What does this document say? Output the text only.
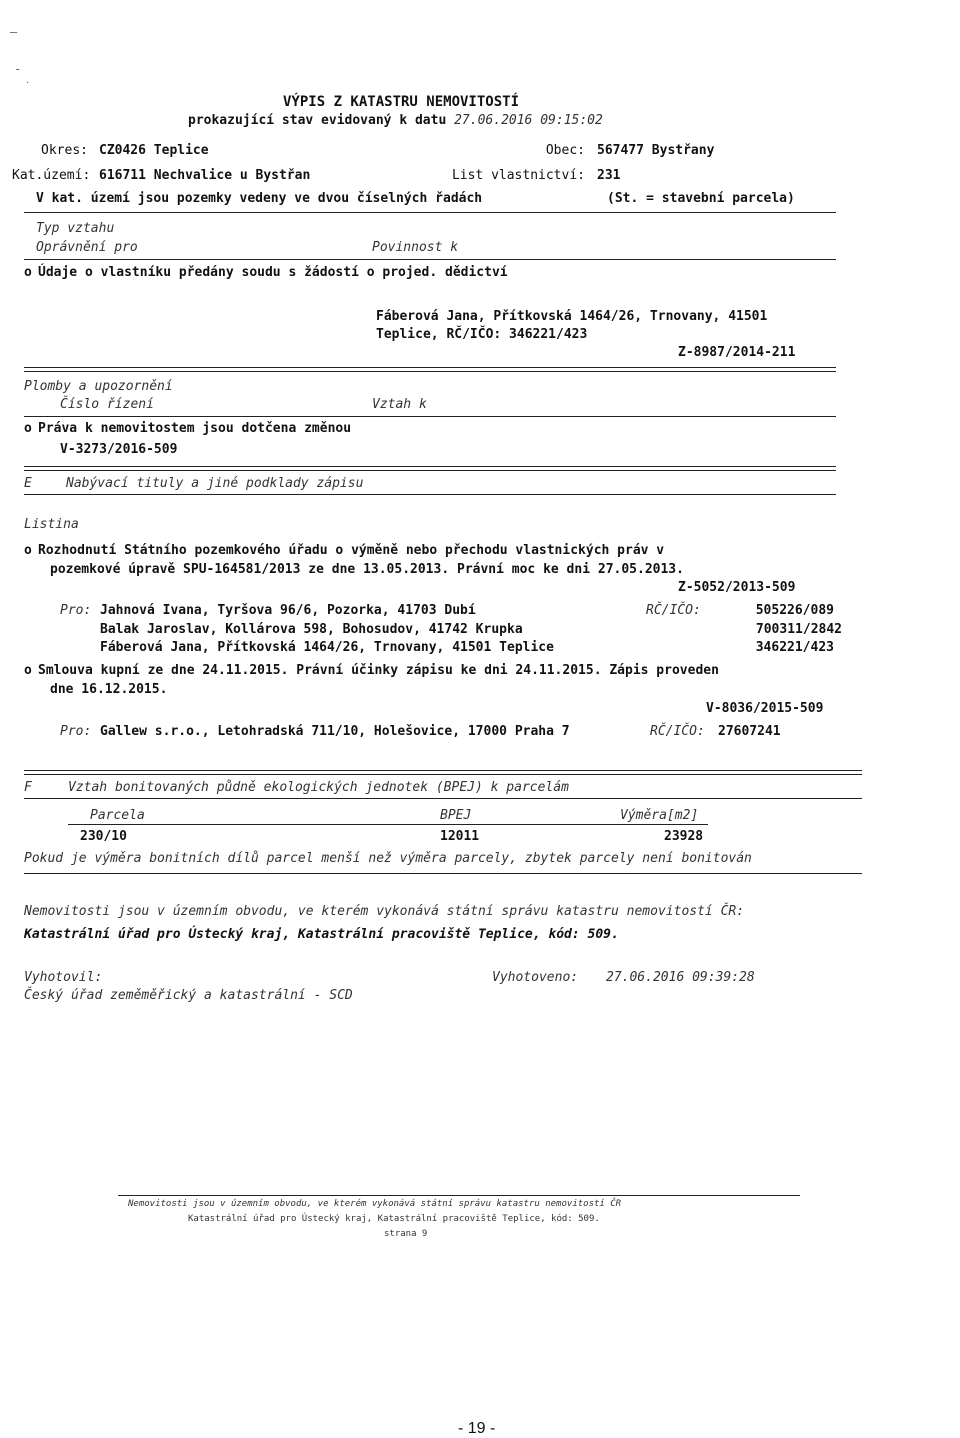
–
-
˙
VÝPIS Z KATASTRU NEMOVITOSTÍ
prokazující stav evidovaný k datu 27.06.2016 09:15:02
Okres: CZ0426 Teplice	Obec: 567477 Bystřany
Kat.území: 616711 Nechvalice u Bystřan	List vlastnictví: 231
V kat. území jsou pozemky vedeny ve dvou číselných řadách	(St. = stavební parcela)
Typ vztahu
Oprávnění pro	Povinnost k
o Údaje o vlastníku předány soudu s žádostí o projed. dědictví
Fáberová Jana, Přítkovská 1464/26, Trnovany, 41501
Teplice, RČ/IČO: 346221/423
Z-8987/2014-211
Plomby a upozornění
Číslo řízení	Vztah k
o Práva k nemovitostem jsou dotčena změnou
V-3273/2016-509
E	Nabývací tituly a jiné podklady zápisu
Listina
o Rozhodnutí Státního pozemkového úřadu o výměně nebo přechodu vlastnických práv v
pozemkové úpravě SPU-164581/2013 ze dne 13.05.2013. Právní moc ke dni 27.05.2013.
Z-5052/2013-509
Pro: Jahnová Ivana, Tyršova 96/6, Pozorka, 41703 Dubí	RČ/IČO:	505226/089
Balak Jaroslav, Kollárova 598, Bohosudov, 41742 Krupka	700311/2842
Fáberová Jana, Přítkovská 1464/26, Trnovany, 41501 Teplice	346221/423
o Smlouva kupní ze dne 24.11.2015. Právní účinky zápisu ke dni 24.11.2015. Zápis proveden
dne 16.12.2015.
V-8036/2015-509
Pro: Gallew s.r.o., Letohradská 711/10, Holešovice, 17000 Praha 7	RČ/IČO: 27607241
F	Vztah bonitovaných půdně ekologických jednotek (BPEJ) k parcelám
Parcela	BPEJ	Výměra[m2]
230/10	12011	23928
Pokud je výměra bonitních dílů parcel menší než výměra parcely, zbytek parcely není bonitován
Nemovitosti jsou v územním obvodu, ve kterém vykonává státní správu katastru nemovitostí ČR:
Katastrální úřad pro Ústecký kraj, Katastrální pracoviště Teplice, kód: 509.
Vyhotovil:
Český úřad zeměměřický a katastrální - SCD
Vyhotoveno: 27.06.2016 09:39:28
Nemovitosti jsou v územním obvodu, ve kterém vykonává státní správu katastru nemovitostí ČR
Katastrální úřad pro Ústecký kraj, Katastrální pracoviště Teplice, kód: 509.
strana 9
- 19 -
